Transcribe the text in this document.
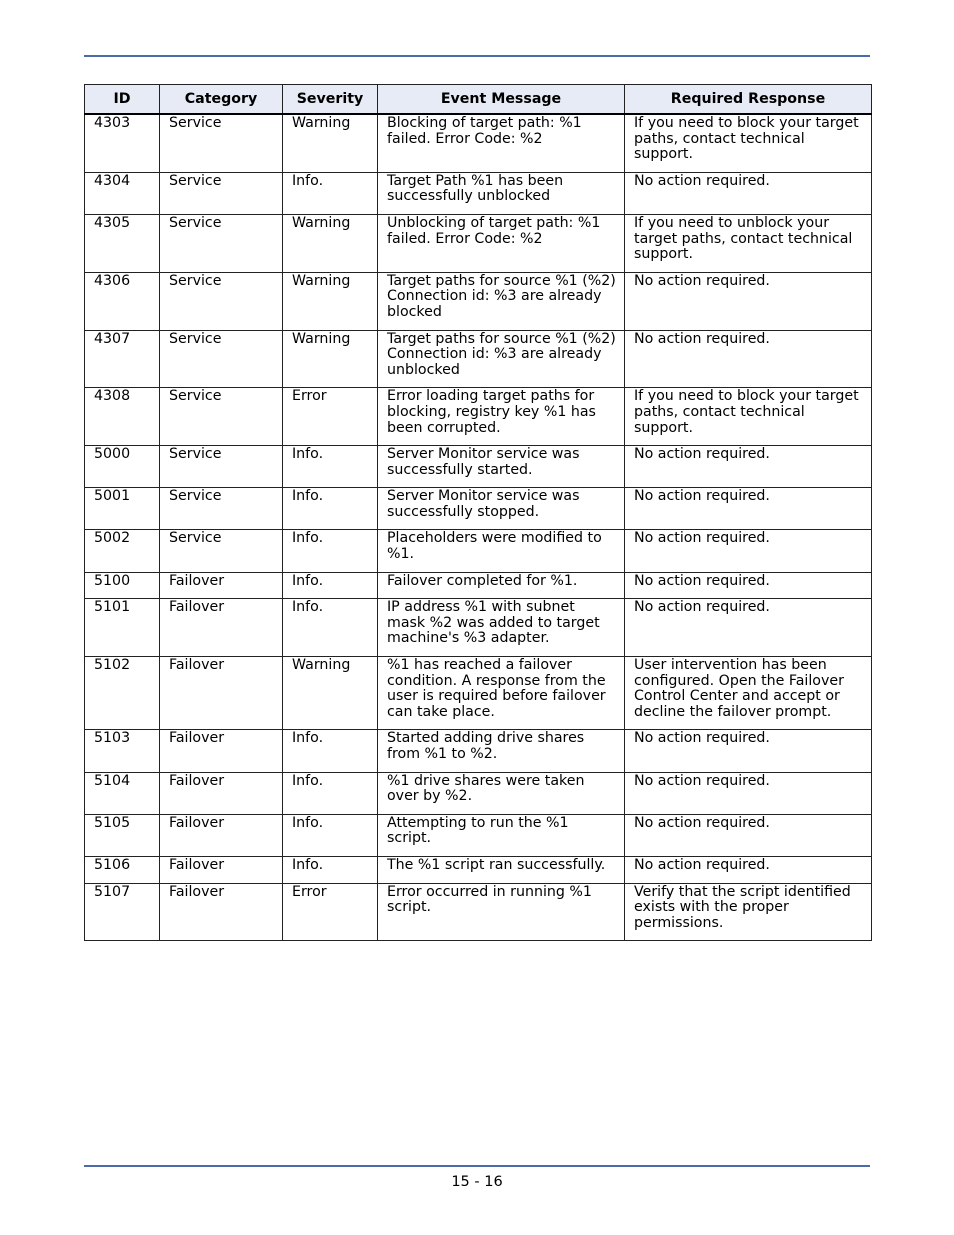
ID	Category	Severity	Event Message	Required Response
4303	Service	Warning	Blocking of target path: %1 failed. Error Code: %2	If you need to block your target paths, contact technical support.
4304	Service	Info.	Target Path %1 has been successfully unblocked	No action required.
4305	Service	Warning	Unblocking of target path: %1 failed. Error Code: %2	If you need to unblock your target paths, contact technical support.
4306	Service	Warning	Target paths for source %1 (%2) Connection id: %3 are already blocked	No action required.
4307	Service	Warning	Target paths for source %1 (%2) Connection id: %3 are already unblocked	No action required.
4308	Service	Error	Error loading target paths for blocking, registry key %1 has been corrupted.	If you need to block your target paths, contact technical support.
5000	Service	Info.	Server Monitor service was successfully started.	No action required.
5001	Service	Info.	Server Monitor service was successfully stopped.	No action required.
5002	Service	Info.	Placeholders were modified to %1.	No action required.
5100	Failover	Info.	Failover completed for %1.	No action required.
5101	Failover	Info.	IP address %1 with subnet mask %2 was added to target machine's %3 adapter.	No action required.
5102	Failover	Warning	%1 has reached a failover condition. A response from the user is required before failover can take place.	User intervention has been configured. Open the Failover Control Center and accept or decline the failover prompt.
5103	Failover	Info.	Started adding drive shares from %1 to %2.	No action required.
5104	Failover	Info.	%1 drive shares were taken over by %2.	No action required.
5105	Failover	Info.	Attempting to run the %1 script.	No action required.
5106	Failover	Info.	The %1 script ran successfully.	No action required.
5107	Failover	Error	Error occurred in running %1 script.	Verify that the script identified exists with the proper permissions.
15 - 16
